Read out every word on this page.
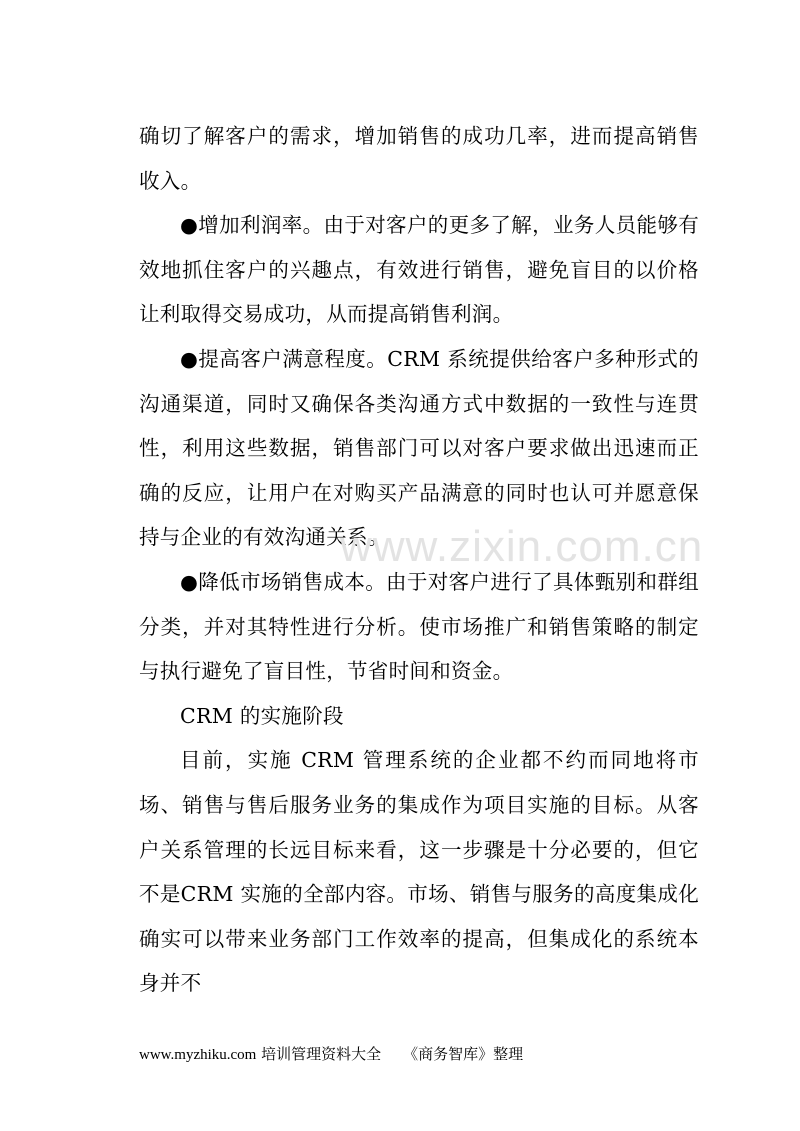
确切了解客户的需求，增加销售的成功几率，进而提高销售收入。

●增加利润率。由于对客户的更多了解，业务人员能够有效地抓住客户的兴趣点，有效进行销售，避免盲目的以价格让利取得交易成功，从而提高销售利润。

●提高客户满意程度。CRM 系统提供给客户多种形式的沟通渠道，同时又确保各类沟通方式中数据的一致性与连贯性，利用这些数据，销售部门可以对客户要求做出迅速而正确的反应，让用户在对购买产品满意的同时也认可并愿意保持与企业的有效沟通关系。

●降低市场销售成本。由于对客户进行了具体甄别和群组分类，并对其特性进行分析。使市场推广和销售策略的制定与执行避免了盲目性，节省时间和资金。

CRM 的实施阶段

目前，实施 CRM 管理系统的企业都不约而同地将市场、销售与售后服务业务的集成作为项目实施的目标。从客户关系管理的长远目标来看，这一步骤是十分必要的，但它不是CRM 实施的全部内容。市场、销售与服务的高度集成化确实可以带来业务部门工作效率的提高，但集成化的系统本身并不

www.zixin.com.cn
www.myzhiku.com 培训管理资料大全 《商务智库》整理
